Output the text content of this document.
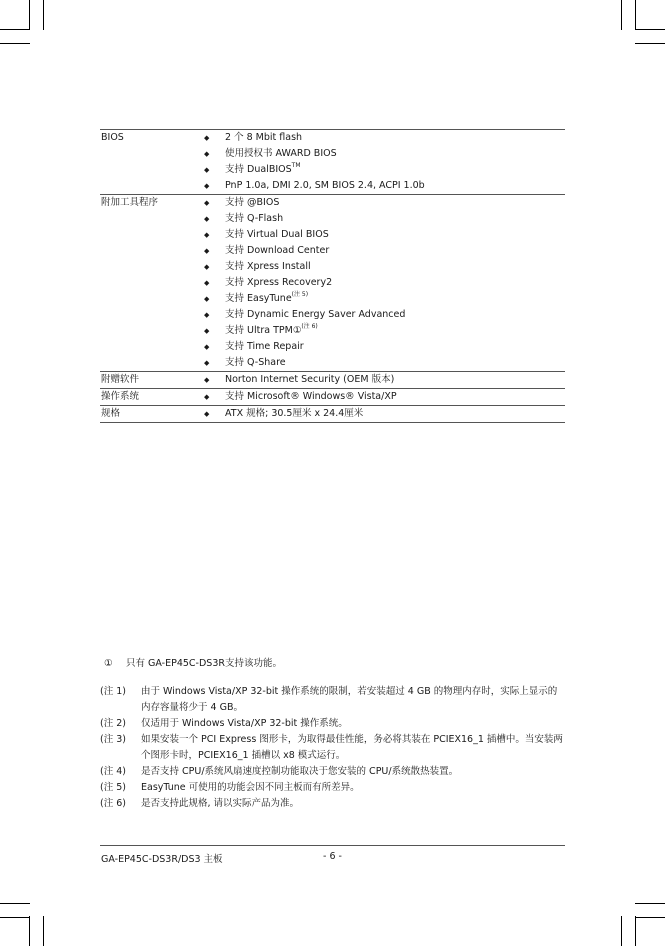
BIOS	◆ 2 个 8 Mbit flash
◆ 使用授权书 AWARD BIOS
◆ 支持 DualBIOS™
◆ PnP 1.0a, DMI 2.0, SM BIOS 2.4, ACPI 1.0b
附加工具程序	◆ 支持 @BIOS
◆ 支持 Q-Flash
◆ 支持 Virtual Dual BIOS
◆ 支持 Download Center
◆ 支持 Xpress Install
◆ 支持 Xpress Recovery2
◆ 支持 EasyTune$^{(注 5)}$
◆ 支持 Dynamic Energy Saver Advanced
◆ 支持 Ultra TPM①$^{(注 6)}$
◆ 支持 Time Repair
◆ 支持 Q-Share
附赠软件	◆ Norton Internet Security (OEM 版本)
操作系统	◆ 支持 Microsoft® Windows® Vista/XP
规格	◆ ATX 规格; 30.5厘米 x 24.4厘米
① 只有 GA-EP45C-DS3R支持该功能。
(注 1) 由于 Windows Vista/XP 32-bit 操作系统的限制，若安装超过 4 GB 的物理内存时，实际上显示的内存容量将少于 4 GB。
(注 2) 仅适用于 Windows Vista/XP 32-bit 操作系统。
(注 3) 如果安装一个 PCI Express 图形卡，为取得最佳性能，务必将其装在 PCIEX16_1 插槽中。当安装两个图形卡时，PCIEX16_1 插槽以 x8 模式运行。
(注 4) 是否支持 CPU/系统风扇速度控制功能取决于您安装的 CPU/系统散热装置。
(注 5) EasyTune 可使用的功能会因不同主板而有所差异。
(注 6) 是否支持此规格, 请以实际产品为准。
GA-EP45C-DS3R/DS3 主板	- 6 -
